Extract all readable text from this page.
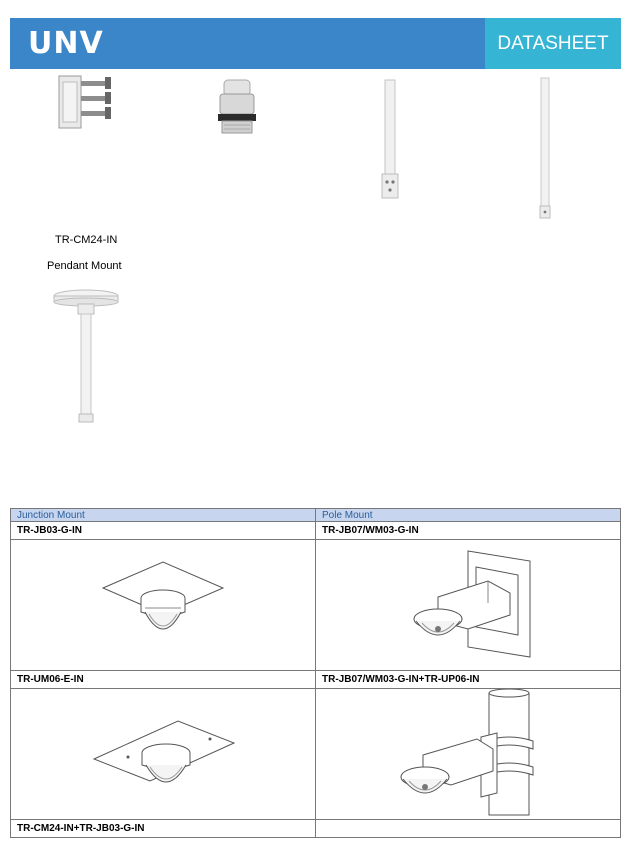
UNV	DATASHEET
TR-CM24-IN
Pendant Mount
Junction Mount	Pole Mount
TR-JB03-G-IN	TR-JB07/WM03-G-IN

TR-UM06-E-IN	TR-JB07/WM03-G-IN+TR-UP06-IN

TR-CM24-IN+TR-JB03-G-IN	
